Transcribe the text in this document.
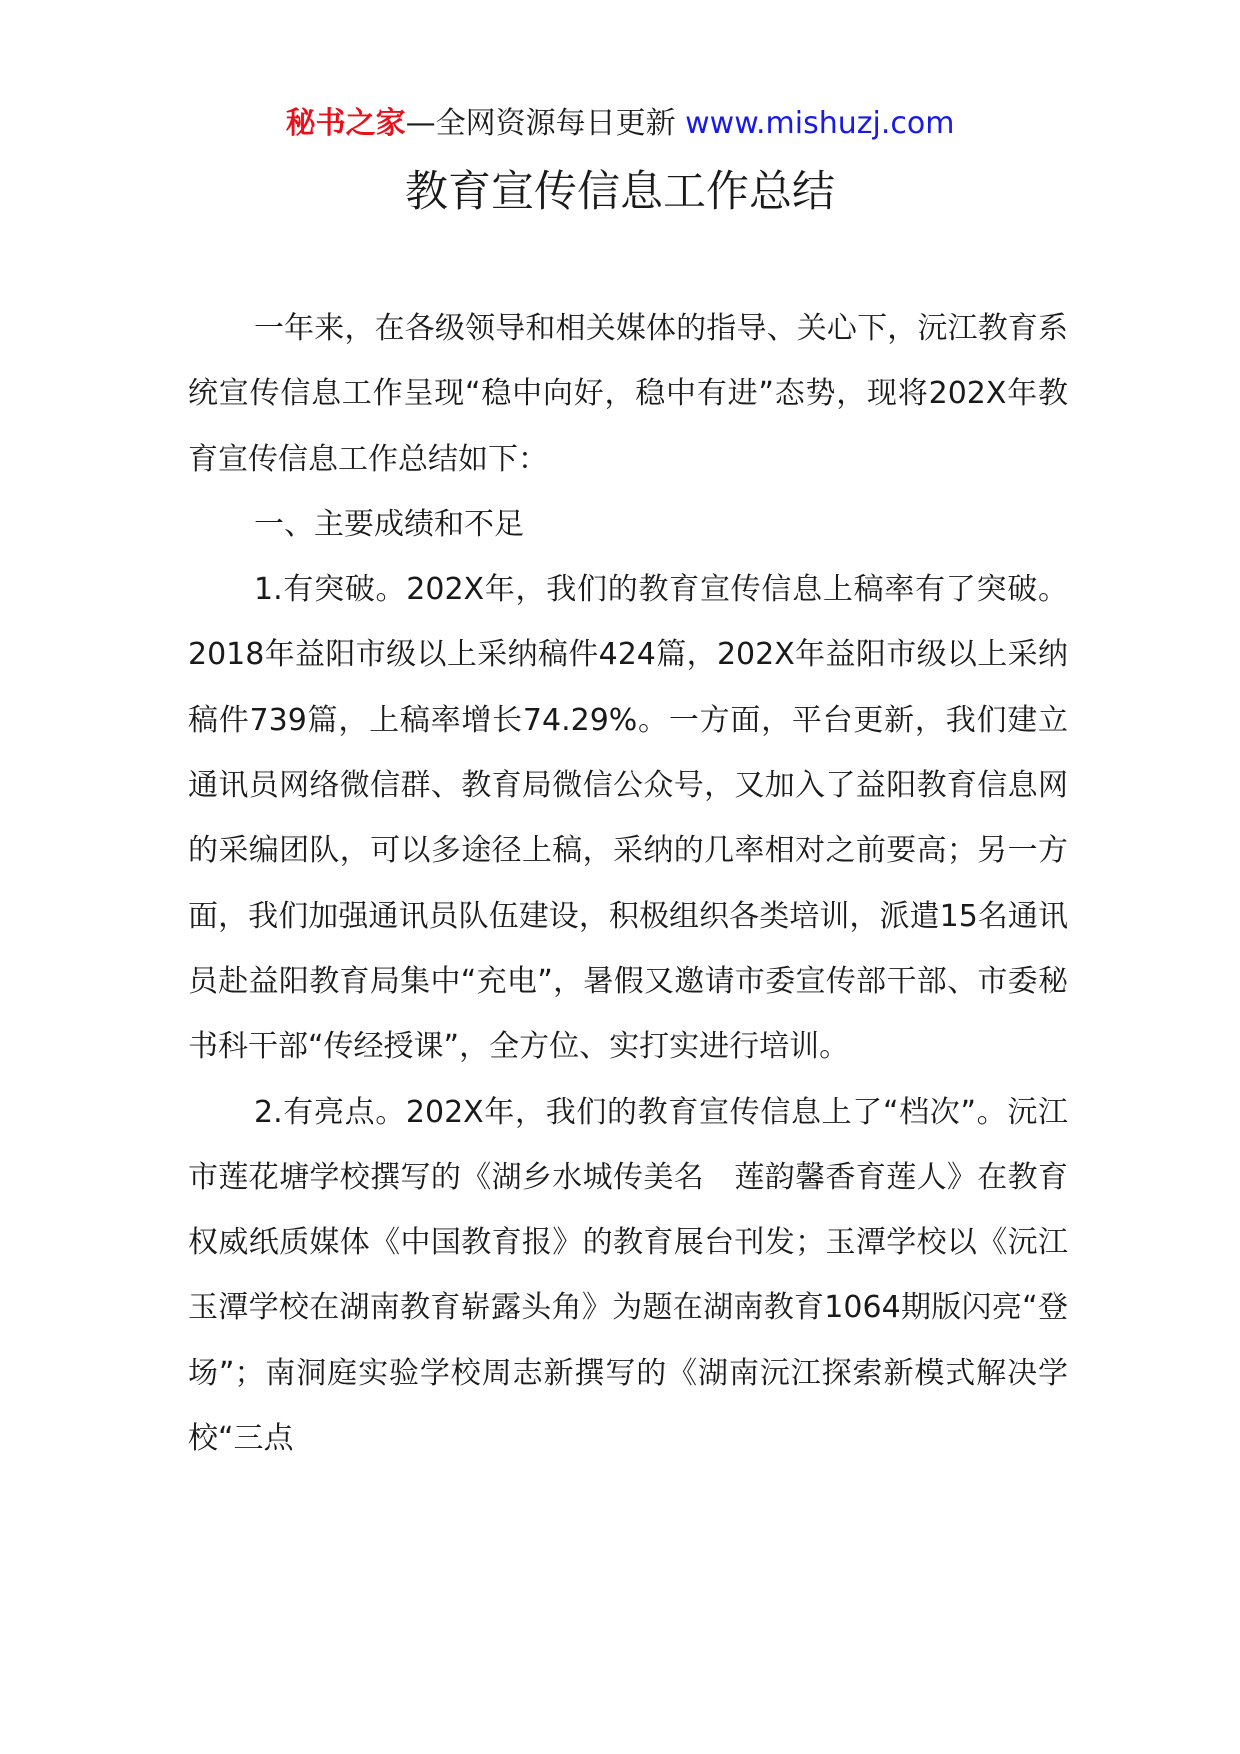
秘书之家—全网资源每日更新 www.mishuzj.com
教育宣传信息工作总结

一年来，在各级领导和相关媒体的指导、关心下，沅江教育系统宣传信息工作呈现“稳中向好，稳中有进”态势，现将202X年教育宣传信息工作总结如下：

一、主要成绩和不足

1.有突破。202X年，我们的教育宣传信息上稿率有了突破。2018年益阳市级以上采纳稿件424篇，202X年益阳市级以上采纳稿件739篇，上稿率增长74.29%。一方面，平台更新，我们建立通讯员网络微信群、教育局微信公众号，又加入了益阳教育信息网的采编团队，可以多途径上稿，采纳的几率相对之前要高；另一方面，我们加强通讯员队伍建设，积极组织各类培训，派遣15名通讯员赴益阳教育局集中“充电”，暑假又邀请市委宣传部干部、市委秘书科干部“传经授课”，全方位、实打实进行培训。

2.有亮点。202X年，我们的教育宣传信息上了“档次”。沅江市莲花塘学校撰写的《湖乡水城传美名　莲韵馨香育莲人》在教育权威纸质媒体《中国教育报》的教育展台刊发；玉潭学校以《沅江玉潭学校在湖南教育崭露头角》为题在湖南教育1064期版闪亮“登场”；南洞庭实验学校周志新撰写的《湖南沅江探索新模式解决学校“三点
